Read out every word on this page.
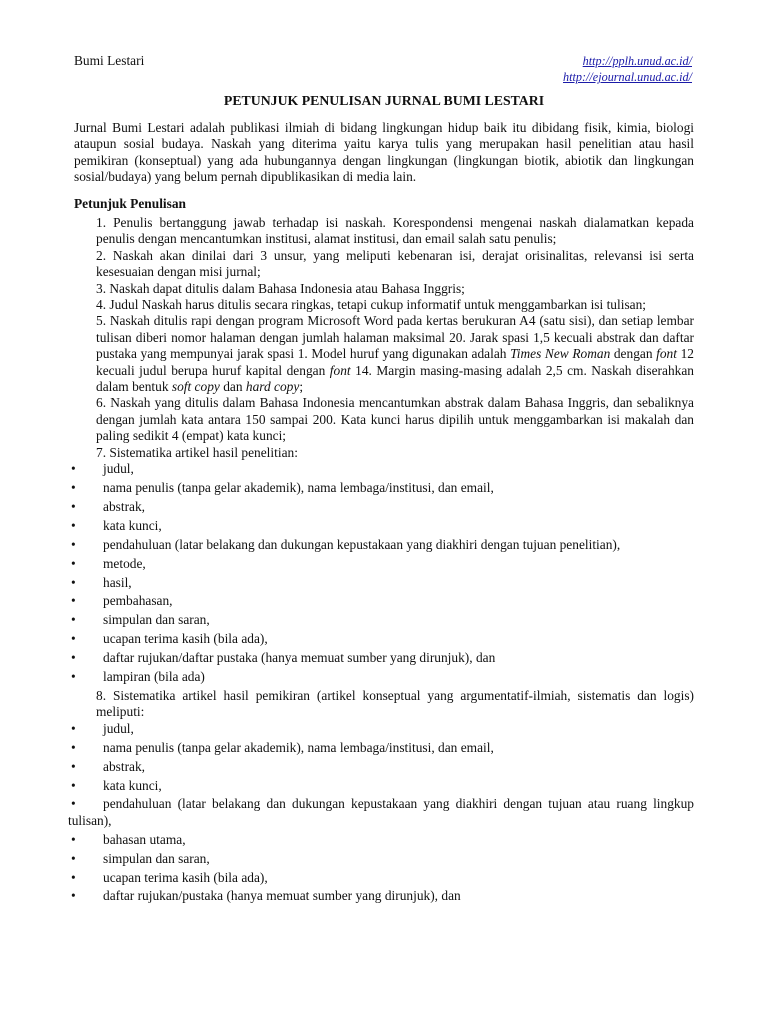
Bumi Lestari	http://pplh.unud.ac.id/
http://ejournal.unud.ac.id/
PETUNJUK PENULISAN JURNAL BUMI LESTARI
Jurnal Bumi Lestari adalah publikasi ilmiah di bidang lingkungan hidup baik itu dibidang fisik, kimia, biologi ataupun sosial budaya. Naskah yang diterima yaitu karya tulis yang merupakan hasil penelitian atau hasil pemikiran (konseptual) yang ada hubungannya dengan lingkungan (lingkungan biotik, abiotik dan lingkungan sosial/budaya) yang belum pernah dipublikasikan di media lain.
Petunjuk Penulisan
1. Penulis bertanggung jawab terhadap isi naskah. Korespondensi mengenai naskah dialamatkan kepada penulis dengan mencantumkan institusi, alamat institusi, dan email salah satu penulis;
2. Naskah akan dinilai dari 3 unsur, yang meliputi kebenaran isi, derajat orisinalitas, relevansi isi serta kesesuaian dengan misi jurnal;
3. Naskah dapat ditulis dalam Bahasa Indonesia atau Bahasa Inggris;
4. Judul Naskah harus ditulis secara ringkas, tetapi cukup informatif untuk menggambarkan isi tulisan;
5. Naskah ditulis rapi dengan program Microsoft Word pada kertas berukuran A4 (satu sisi), dan setiap lembar tulisan diberi nomor halaman dengan jumlah halaman maksimal 20. Jarak spasi 1,5 kecuali abstrak dan daftar pustaka yang mempunyai jarak spasi 1. Model huruf yang digunakan adalah Times New Roman dengan font 12 kecuali judul berupa huruf kapital dengan font 14. Margin masing-masing adalah 2,5 cm. Naskah diserahkan dalam bentuk soft copy dan hard copy;
6. Naskah yang ditulis dalam Bahasa Indonesia mencantumkan abstrak dalam Bahasa Inggris, dan sebaliknya dengan jumlah kata antara 150 sampai 200. Kata kunci harus dipilih untuk menggambarkan isi makalah dan paling sedikit 4 (empat) kata kunci;
7. Sistematika artikel hasil penelitian:
• judul,
• nama penulis (tanpa gelar akademik), nama lembaga/institusi, dan email,
• abstrak,
• kata kunci,
•	pendahuluan (latar belakang dan dukungan kepustakaan yang diakhiri dengan tujuan penelitian),
• metode,
• hasil,
• pembahasan,
• simpulan dan saran,
• ucapan terima kasih (bila ada),
• daftar rujukan/daftar pustaka (hanya memuat sumber yang dirunjuk), dan
• lampiran (bila ada)
8. Sistematika artikel hasil pemikiran (artikel konseptual yang argumentatif-ilmiah, sistematis dan logis) meliputi:
• judul,
• nama penulis (tanpa gelar akademik), nama lembaga/institusi, dan email,
• abstrak,
• kata kunci,
•	pendahuluan (latar belakang dan dukungan kepustakaan yang diakhiri dengan tujuan atau ruang lingkup tulisan),
• bahasan utama,
• simpulan dan saran,
• ucapan terima kasih (bila ada),
• daftar rujukan/pustaka (hanya memuat sumber yang dirunjuk), dan
